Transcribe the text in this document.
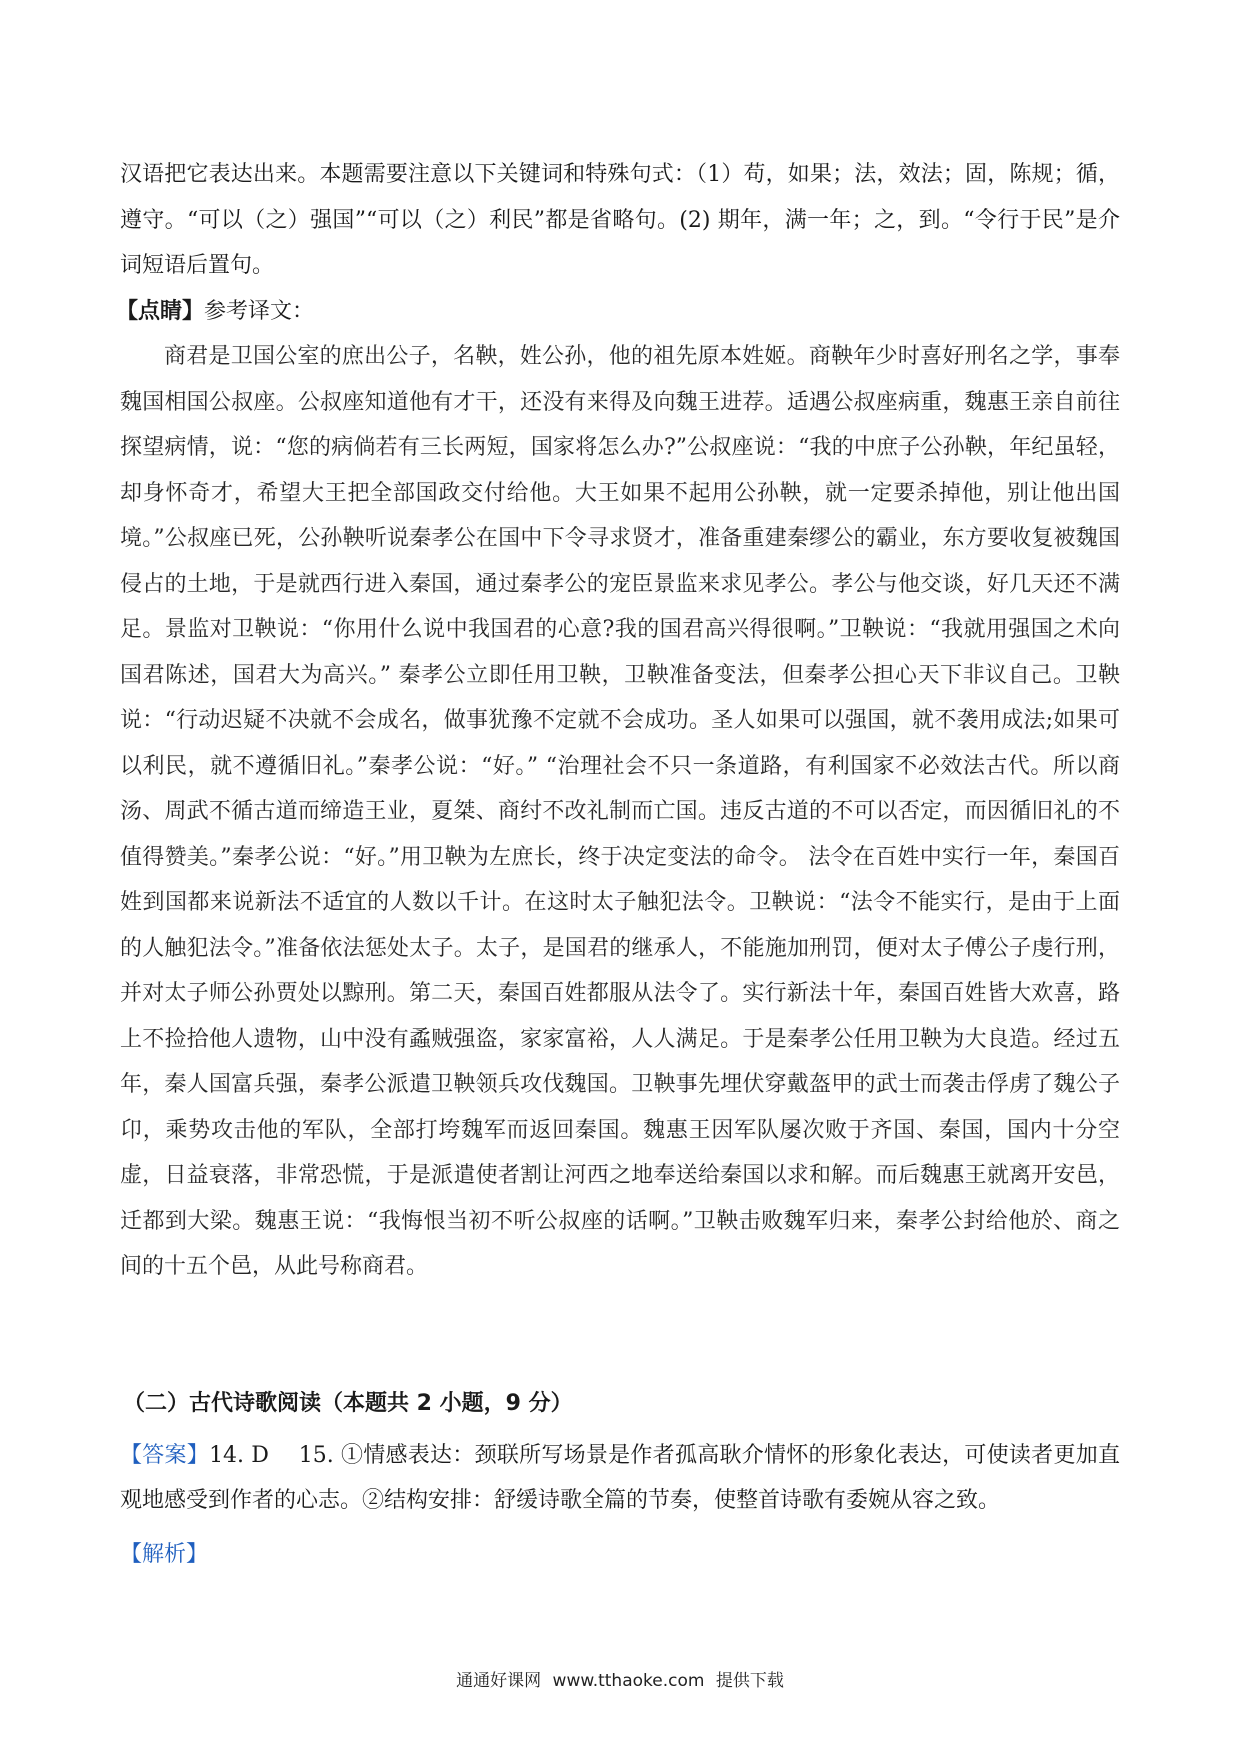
汉语把它表达出来。本题需要注意以下关键词和特殊句式：（1）苟，如果；法，效法；固，陈规；循，遵守。“可以（之）强国”“可以（之）利民”都是省略句。(2) 期年，满一年；之，到。“令行于民”是介词短语后置句。

【点睛】参考译文：

商君是卫国公室的庶出公子，名鞅，姓公孙，他的祖先原本姓姬。商鞅年少时喜好刑名之学，事奉魏国相国公叔座。公叔座知道他有才干，还没有来得及向魏王进荐。适遇公叔座病重，魏惠王亲自前往探望病情，说：“您的病倘若有三长两短，国家将怎么办?”公叔座说：“我的中庶子公孙鞅，年纪虽轻，却身怀奇才，希望大王把全部国政交付给他。大王如果不起用公孙鞅，就一定要杀掉他，别让他出国境。”公叔座已死，公孙鞅听说秦孝公在国中下令寻求贤才，准备重建秦缪公的霸业，东方要收复被魏国侵占的土地，于是就西行进入秦国，通过秦孝公的宠臣景监来求见孝公。孝公与他交谈，好几天还不满足。景监对卫鞅说：“你用什么说中我国君的心意?我的国君高兴得很啊。”卫鞅说：“我就用强国之术向国君陈述，国君大为高兴。” 秦孝公立即任用卫鞅，卫鞅准备变法，但秦孝公担心天下非议自己。卫鞅说：“行动迟疑不决就不会成名，做事犹豫不定就不会成功。圣人如果可以强国，就不袭用成法;如果可以利民，就不遵循旧礼。”秦孝公说：“好。” “治理社会不只一条道路，有利国家不必效法古代。所以商汤、周武不循古道而缔造王业，夏桀、商纣不改礼制而亡国。违反古道的不可以否定，而因循旧礼的不值得赞美。”秦孝公说：“好。”用卫鞅为左庶长，终于决定变法的命令。 法令在百姓中实行一年，秦国百姓到国都来说新法不适宜的人数以千计。在这时太子触犯法令。卫鞅说：“法令不能实行，是由于上面的人触犯法令。”准备依法惩处太子。太子，是国君的继承人，不能施加刑罚，便对太子傅公子虔行刑，并对太子师公孙贾处以黥刑。第二天，秦国百姓都服从法令了。实行新法十年，秦国百姓皆大欢喜，路上不捡拾他人遗物，山中没有蟊贼强盗，家家富裕，人人满足。于是秦孝公任用卫鞅为大良造。经过五年，秦人国富兵强，秦孝公派遣卫鞅领兵攻伐魏国。卫鞅事先埋伏穿戴盔甲的武士而袭击俘虏了魏公子卬，乘势攻击他的军队，全部打垮魏军而返回秦国。魏惠王因军队屡次败于齐国、秦国，国内十分空虚，日益衰落，非常恐慌，于是派遣使者割让河西之地奉送给秦国以求和解。而后魏惠王就离开安邑，迁都到大梁。魏惠王说：“我悔恨当初不听公叔座的话啊。”卫鞅击败魏军归来，秦孝公封给他於、商之间的十五个邑，从此号称商君。

（二）古代诗歌阅读（本题共 2 小题，9 分）

【答案】14. D　 15. ①情感表达：颈联所写场景是作者孤高耿介情怀的形象化表达，可使读者更加直观地感受到作者的心志。②结构安排：舒缓诗歌全篇的节奏，使整首诗歌有委婉从容之致。

【解析】

通通好课网 www.tthaoke.com 提供下载
